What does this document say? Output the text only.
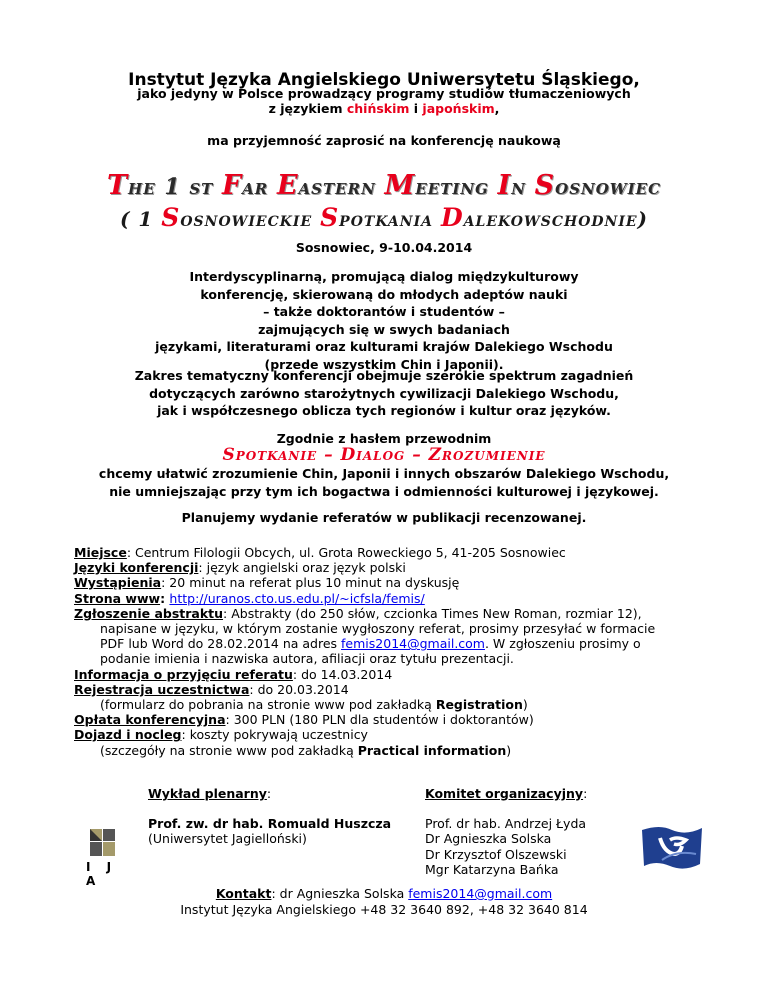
Instytut Języka Angielskiego Uniwersytetu Śląskiego,
jako jedyny w Polsce prowadzący programy studiów tłumaczeniowych
z językiem chińskim i japońskim,
ma przyjemność zaprosić na konferencję naukową
The 1 st Far Eastern Meeting In Sosnowiec
( 1 Sosnowieckie Spotkania Dalekowschodnie)
Sosnowiec, 9-10.04.2014
Interdyscyplinarną, promującą dialog międzykulturowy
konferencję, skierowaną do młodych adeptów nauki
– także doktorantów i studentów –
zajmujących się w swych badaniach
językami, literaturami oraz kulturami krajów Dalekiego Wschodu
(przede wszystkim Chin i Japonii).
Zakres tematyczny konferencji obejmuje szerokie spektrum zagadnień
dotyczących zarówno starożytnych cywilizacji Dalekiego Wschodu,
jak i współczesnego oblicza tych regionów i kultur oraz języków.
Zgodnie z hasłem przewodnim
Spotkanie – Dialog – Zrozumienie
chcemy ułatwić zrozumienie Chin, Japonii i innych obszarów Dalekiego Wschodu,
nie umniejszając przy tym ich bogactwa i odmienności kulturowej i językowej.
Planujemy wydanie referatów w publikacji recenzowanej.
Miejsce: Centrum Filologii Obcych, ul. Grota Roweckiego 5, 41-205 Sosnowiec
Języki konferencji: język angielski oraz język polski
Wystąpienia: 20 minut na referat plus 10 minut na dyskusję
Strona www: http://uranos.cto.us.edu.pl/~icfsla/femis/
Zgłoszenie abstraktu: Abstrakty (do 250 słów, czcionka Times New Roman, rozmiar 12),
napisane w języku, w którym zostanie wygłoszony referat, prosimy przesyłać w formacie
PDF lub Word do 28.02.2014 na adres femis2014@gmail.com. W zgłoszeniu prosimy o
podanie imienia i nazwiska autora, afiliacji oraz tytułu prezentacji.
Informacja o przyjęciu referatu: do 14.03.2014
Rejestracja uczestnictwa: do 20.03.2014
(formularz do pobrania na stronie www pod zakładką Registration)
Opłata konferencyjna: 300 PLN (180 PLN dla studentów i doktorantów)
Dojazd i nocleg: koszty pokrywają uczestnicy
(szczegóły na stronie www pod zakładką Practical information)
Wykład plenarny:
Prof. zw. dr hab. Romuald Huszcza
(Uniwersytet Jagielloński)
Komitet organizacyjny:
Prof. dr hab. Andrzej Łyda
Dr Agnieszka Solska
Dr Krzysztof Olszewski
Mgr Katarzyna Bańka
I J A
Kontakt: dr Agnieszka Solska femis2014@gmail.com
Instytut Języka Angielskiego +48 32 3640 892, +48 32 3640 814
